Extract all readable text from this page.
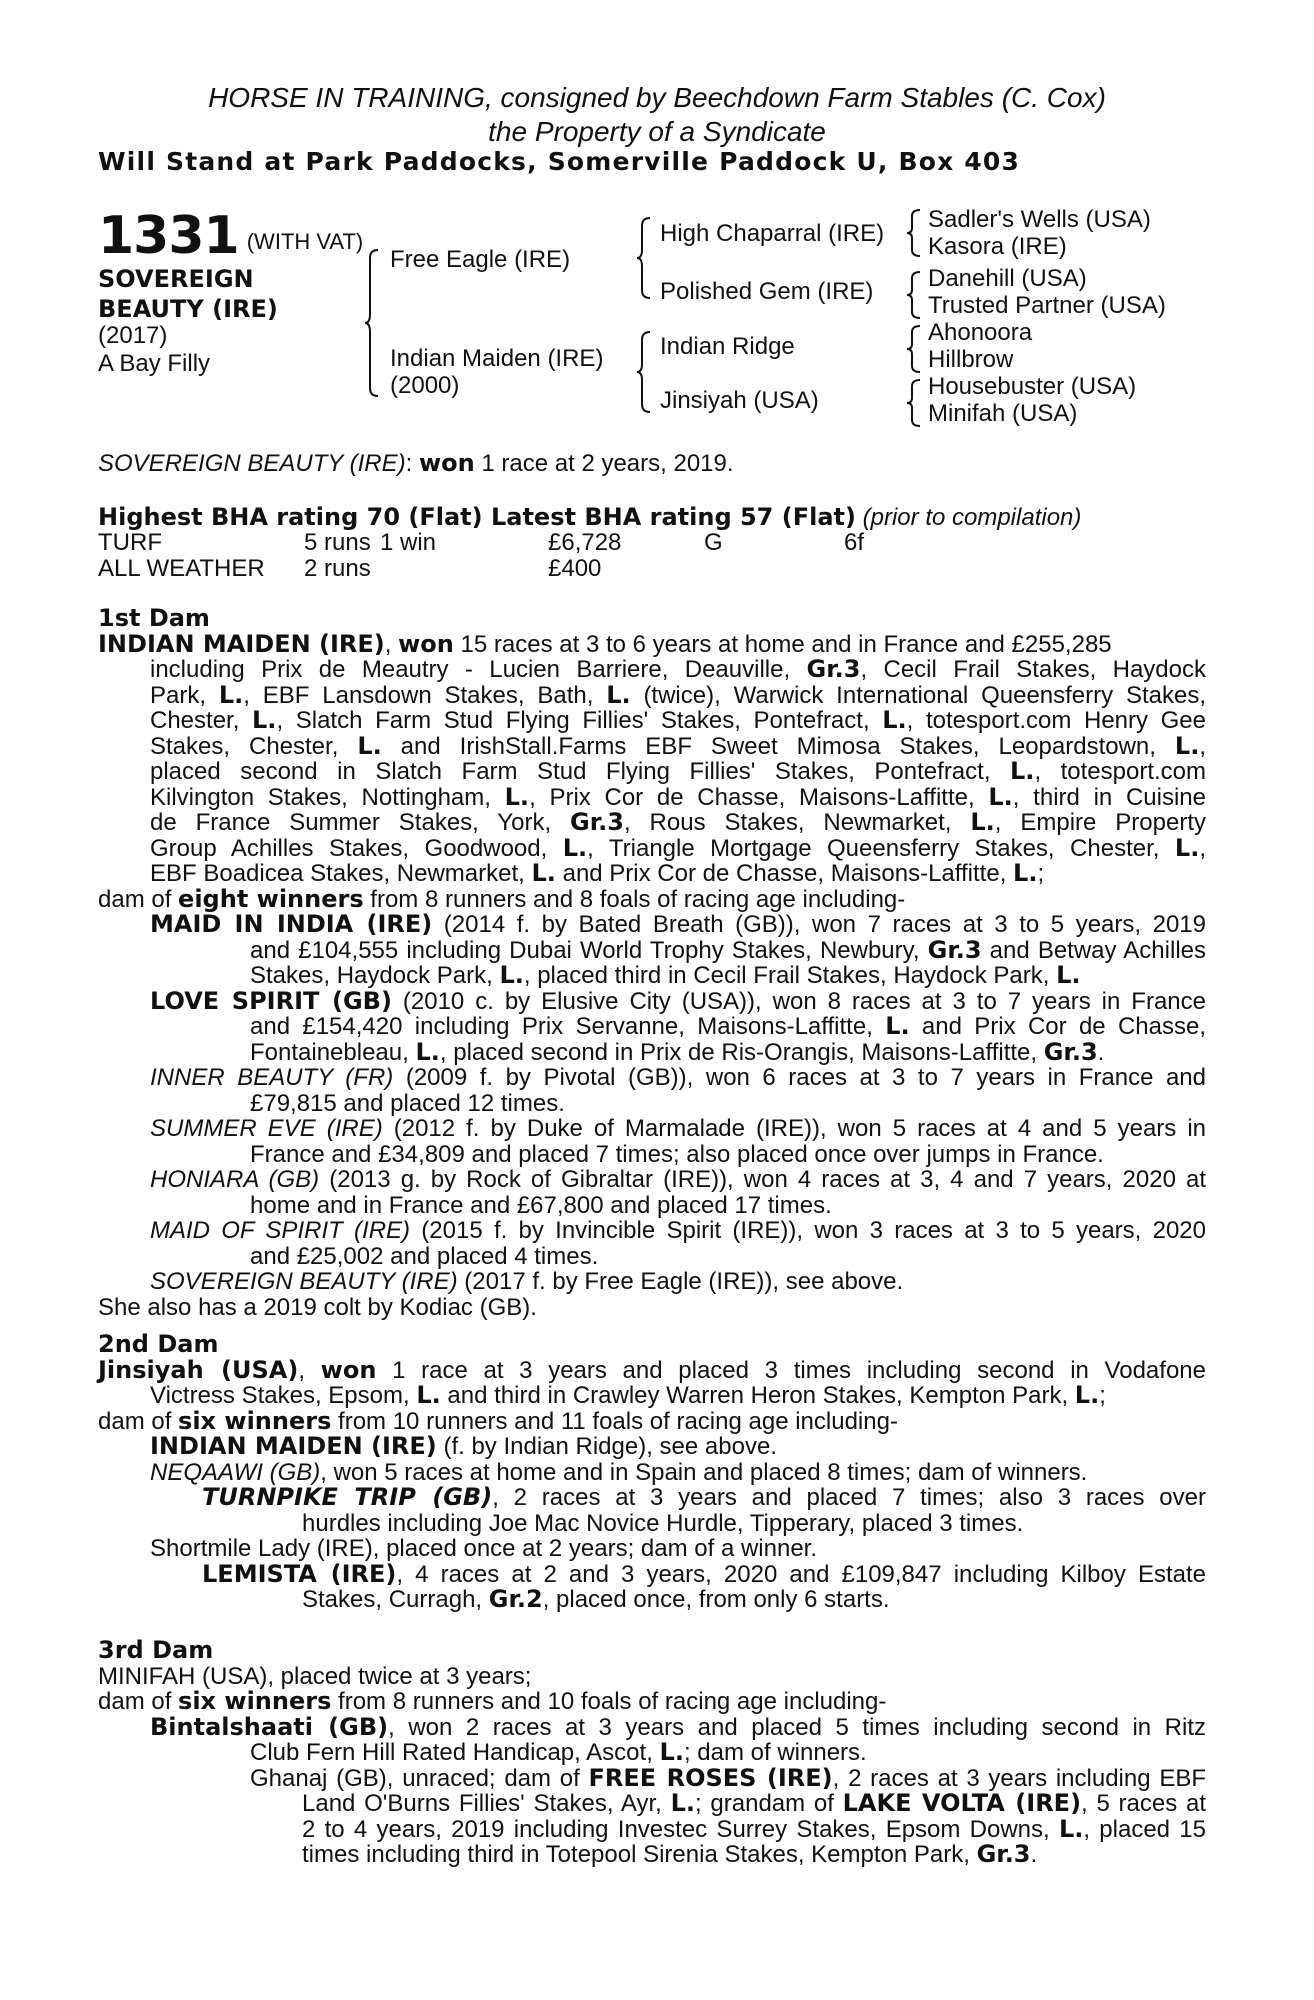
HORSE IN TRAINING, consigned by Beechdown Farm Stables (C. Cox)
the Property of a Syndicate
Will Stand at Park Paddocks, Somerville Paddock U, Box 403
1331 (WITH VAT)
SOVEREIGN
BEAUTY (IRE)
(2017)
A Bay Filly
Free Eagle (IRE)
Indian Maiden (IRE)
(2000)
High Chaparral (IRE)
Polished Gem (IRE)
Indian Ridge
Jinsiyah (USA)
Sadler's Wells (USA)
Kasora (IRE)
Danehill (USA)
Trusted Partner (USA)
Ahonoora
Hillbrow
Housebuster (USA)
Minifah (USA)
SOVEREIGN BEAUTY (IRE): won 1 race at 2 years, 2019.
Highest BHA rating 70 (Flat) Latest BHA rating 57 (Flat) (prior to compilation)
TURF	5 runs 1 win	£6,728	G	6f
ALL WEATHER 2 runs	£400
1st Dam
INDIAN MAIDEN (IRE), won 15 races at 3 to 6 years at home and in France and £255,285
including Prix de Meautry - Lucien Barriere, Deauville, Gr.3, Cecil Frail Stakes, Haydock
Park, L., EBF Lansdown Stakes, Bath, L. (twice), Warwick International Queensferry Stakes,
Chester, L., Slatch Farm Stud Flying Fillies' Stakes, Pontefract, L., totesport.com Henry Gee
Stakes, Chester, L. and IrishStall.Farms EBF Sweet Mimosa Stakes, Leopardstown, L.,
placed second in Slatch Farm Stud Flying Fillies' Stakes, Pontefract, L., totesport.com
Kilvington Stakes, Nottingham, L., Prix Cor de Chasse, Maisons-Laffitte, L., third in Cuisine
de France Summer Stakes, York, Gr.3, Rous Stakes, Newmarket, L., Empire Property
Group Achilles Stakes, Goodwood, L., Triangle Mortgage Queensferry Stakes, Chester, L.,
EBF Boadicea Stakes, Newmarket, L. and Prix Cor de Chasse, Maisons-Laffitte, L.;
dam of eight winners from 8 runners and 8 foals of racing age including-
MAID IN INDIA (IRE) (2014 f. by Bated Breath (GB)), won 7 races at 3 to 5 years, 2019
and £104,555 including Dubai World Trophy Stakes, Newbury, Gr.3 and Betway Achilles
Stakes, Haydock Park, L., placed third in Cecil Frail Stakes, Haydock Park, L.
LOVE SPIRIT (GB) (2010 c. by Elusive City (USA)), won 8 races at 3 to 7 years in France
and £154,420 including Prix Servanne, Maisons-Laffitte, L. and Prix Cor de Chasse,
Fontainebleau, L., placed second in Prix de Ris-Orangis, Maisons-Laffitte, Gr.3.
INNER BEAUTY (FR) (2009 f. by Pivotal (GB)), won 6 races at 3 to 7 years in France and
£79,815 and placed 12 times.
SUMMER EVE (IRE) (2012 f. by Duke of Marmalade (IRE)), won 5 races at 4 and 5 years in
France and £34,809 and placed 7 times; also placed once over jumps in France.
HONIARA (GB) (2013 g. by Rock of Gibraltar (IRE)), won 4 races at 3, 4 and 7 years, 2020 at
home and in France and £67,800 and placed 17 times.
MAID OF SPIRIT (IRE) (2015 f. by Invincible Spirit (IRE)), won 3 races at 3 to 5 years, 2020
and £25,002 and placed 4 times.
SOVEREIGN BEAUTY (IRE) (2017 f. by Free Eagle (IRE)), see above.
She also has a 2019 colt by Kodiac (GB).
2nd Dam
Jinsiyah (USA), won 1 race at 3 years and placed 3 times including second in Vodafone
Victress Stakes, Epsom, L. and third in Crawley Warren Heron Stakes, Kempton Park, L.;
dam of six winners from 10 runners and 11 foals of racing age including-
INDIAN MAIDEN (IRE) (f. by Indian Ridge), see above.
NEQAAWI (GB), won 5 races at home and in Spain and placed 8 times; dam of winners.
TURNPIKE TRIP (GB), 2 races at 3 years and placed 7 times; also 3 races over
hurdles including Joe Mac Novice Hurdle, Tipperary, placed 3 times.
Shortmile Lady (IRE), placed once at 2 years; dam of a winner.
LEMISTA (IRE), 4 races at 2 and 3 years, 2020 and £109,847 including Kilboy Estate
Stakes, Curragh, Gr.2, placed once, from only 6 starts.
3rd Dam
MINIFAH (USA), placed twice at 3 years;
dam of six winners from 8 runners and 10 foals of racing age including-
Bintalshaati (GB), won 2 races at 3 years and placed 5 times including second in Ritz
Club Fern Hill Rated Handicap, Ascot, L.; dam of winners.
Ghanaj (GB), unraced; dam of FREE ROSES (IRE), 2 races at 3 years including EBF
Land O'Burns Fillies' Stakes, Ayr, L.; grandam of LAKE VOLTA (IRE), 5 races at
2 to 4 years, 2019 including Investec Surrey Stakes, Epsom Downs, L., placed 15
times including third in Totepool Sirenia Stakes, Kempton Park, Gr.3.
